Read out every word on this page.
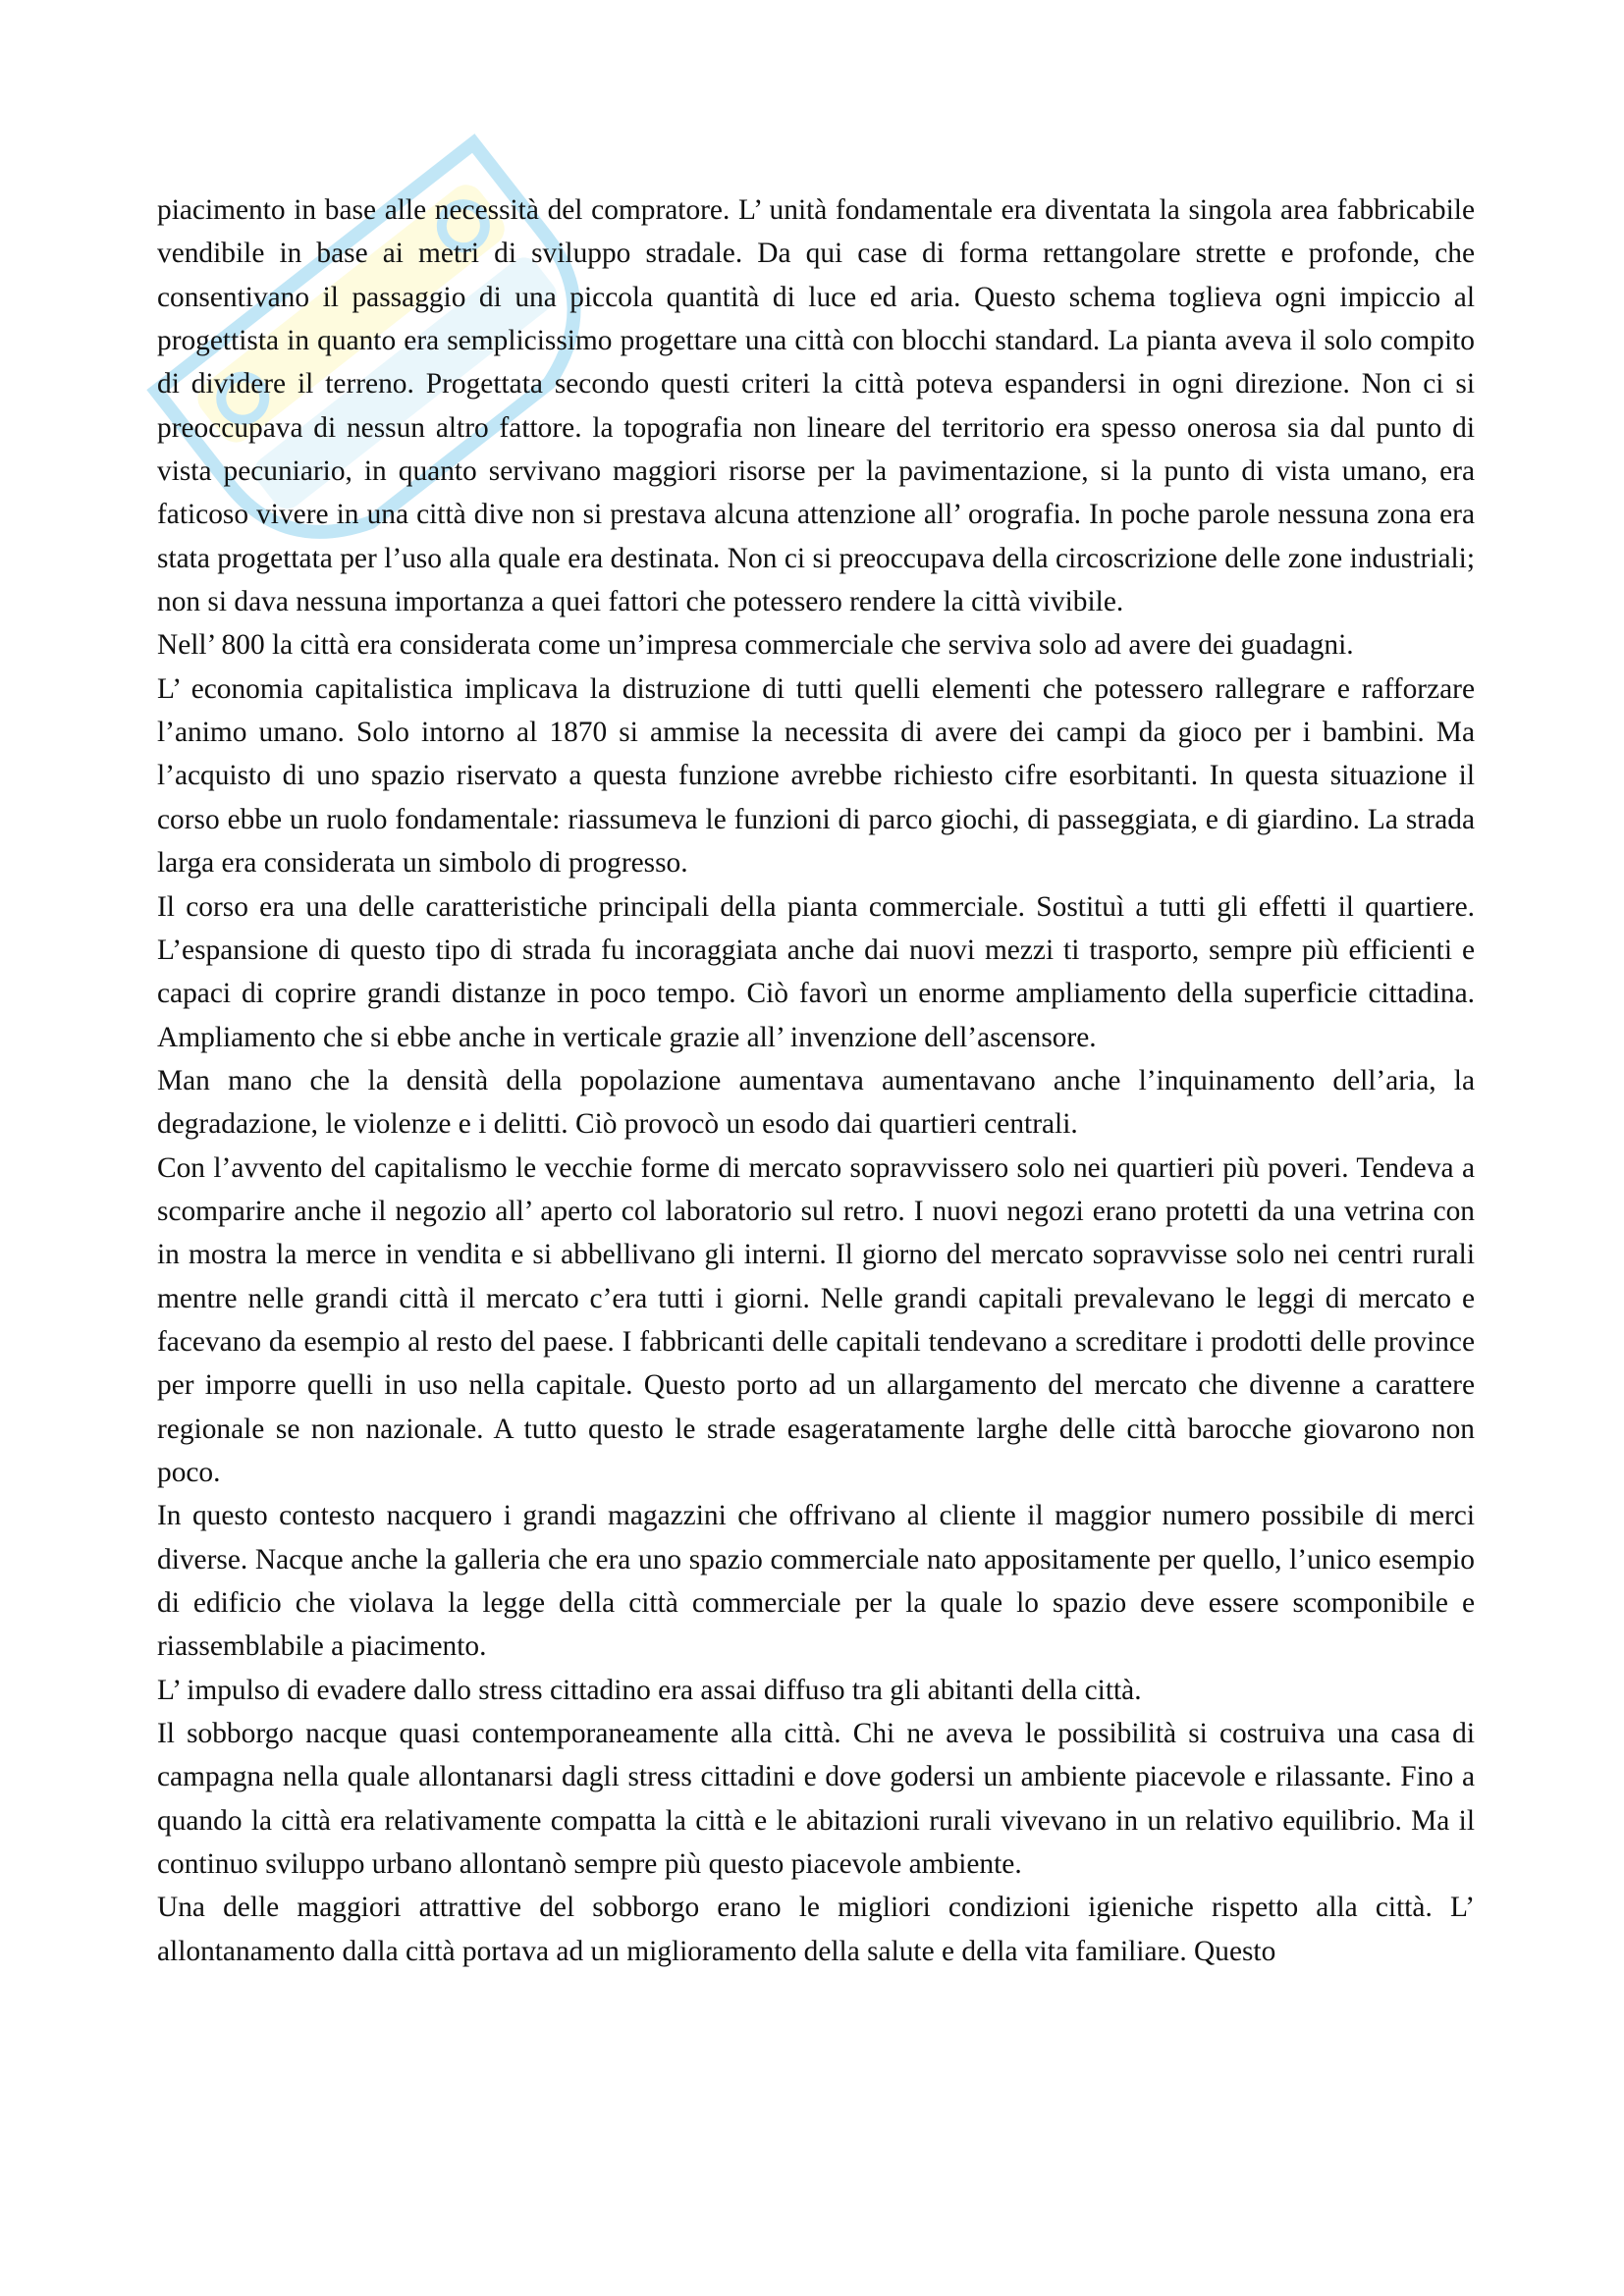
piacimento in base alle necessità del compratore. L’ unità fondamentale era diventata la singola area fabbricabile vendibile in base ai metri di sviluppo stradale. Da qui case di forma rettangolare strette e profonde, che consentivano il passaggio di una piccola quantità di luce ed aria. Questo schema toglieva ogni impiccio al progettista in quanto era semplicissimo progettare una città con blocchi standard. La pianta aveva il solo compito di dividere il terreno. Progettata secondo questi criteri la città poteva espandersi in ogni direzione. Non ci si preoccupava di nessun altro fattore. la topografia non lineare del territorio era spesso onerosa sia dal punto di vista pecuniario, in quanto servivano maggiori risorse per la pavimentazione, si la punto di vista umano, era faticoso vivere in una città dive non si prestava alcuna attenzione all’ orografia. In poche parole nessuna zona era stata progettata per l’uso alla quale era destinata. Non ci si preoccupava della circoscrizione delle zone industriali; non si dava nessuna importanza a quei fattori che potessero rendere la città vivibile.

Nell’ 800 la città era considerata come un’impresa commerciale che serviva solo ad avere dei guadagni.

L’ economia capitalistica implicava la distruzione di tutti quelli elementi che potessero rallegrare e rafforzare l’animo umano. Solo intorno al 1870 si ammise la necessita di avere dei campi da gioco per i bambini. Ma l’acquisto di uno spazio riservato a questa funzione avrebbe richiesto cifre esorbitanti. In questa situazione il corso ebbe un ruolo fondamentale: riassumeva le funzioni di parco giochi, di passeggiata, e di giardino. La strada larga era considerata un simbolo di progresso.

Il corso era una delle caratteristiche principali della pianta commerciale. Sostituì a tutti gli effetti il quartiere. L’espansione di questo tipo di strada fu incoraggiata anche dai nuovi mezzi ti trasporto, sempre più efficienti e capaci di coprire grandi distanze in poco tempo. Ciò favorì un enorme ampliamento della superficie cittadina. Ampliamento che si ebbe anche in verticale grazie all’ invenzione dell’ascensore.

Man mano che la densità della popolazione aumentava aumentavano anche l’inquinamento dell’aria, la degradazione, le violenze e i delitti. Ciò provocò un esodo dai quartieri centrali.

Con l’avvento del capitalismo le vecchie forme di mercato sopravvissero solo nei quartieri più poveri. Tendeva a scomparire anche il negozio all’ aperto col laboratorio sul retro. I nuovi negozi erano protetti da una vetrina con in mostra la merce in vendita e si abbellivano gli interni. Il giorno del mercato sopravvisse solo nei centri rurali mentre nelle grandi città il mercato c’era tutti i giorni. Nelle grandi capitali prevalevano le leggi di mercato e facevano da esempio al resto del paese. I fabbricanti delle capitali tendevano a screditare i prodotti delle province per imporre quelli in uso nella capitale. Questo porto ad un allargamento del mercato che divenne a carattere regionale se non nazionale. A tutto questo le strade esageratamente larghe delle città barocche giovarono non poco.

In questo contesto nacquero i grandi magazzini che offrivano al cliente il maggior numero possibile di merci diverse. Nacque anche la galleria che era uno spazio commerciale nato appositamente per quello, l’unico esempio di edificio che violava la legge della città commerciale per la quale lo spazio deve essere scomponibile e riassemblabile a piacimento.

L’ impulso di evadere dallo stress cittadino era assai diffuso tra gli abitanti della città.

Il sobborgo nacque quasi contemporaneamente alla città. Chi ne aveva le possibilità si costruiva una casa di campagna nella quale allontanarsi dagli stress cittadini e dove godersi un ambiente piacevole e rilassante. Fino a quando la città era relativamente compatta la città e le abitazioni rurali vivevano in un relativo equilibrio. Ma il continuo sviluppo urbano allontanò sempre più questo piacevole ambiente.

Una delle maggiori attrattive del sobborgo erano le migliori condizioni igieniche rispetto alla città. L’ allontanamento dalla città portava ad un miglioramento della salute e della vita familiare. Questo
